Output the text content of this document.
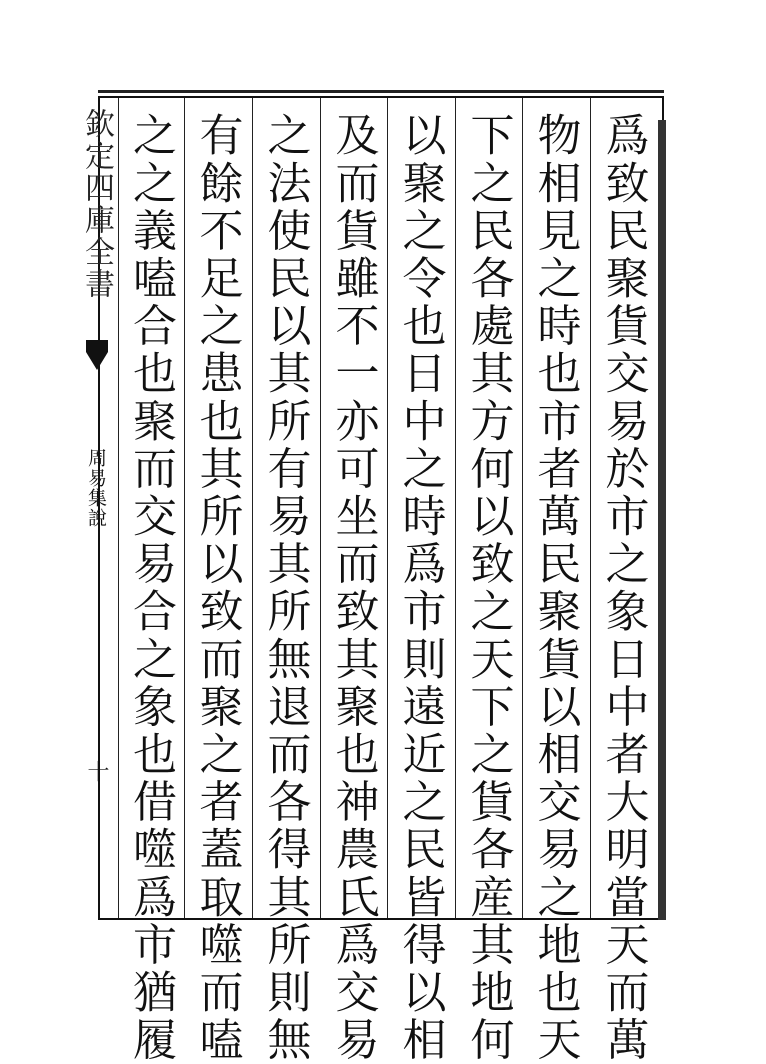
爲致民聚貨交易於市之象日中者大明當天而萬
物相見之時也市者萬民聚貨以相交易之地也天
下之民各處其方何以致之天下之貨各産其地何
以聚之令也日中之時爲市則遠近之民皆得以相
及而貨雖不一亦可坐而致其聚也神農氏爲交易
之法使民以其所有易其所無退而各得其所則無
有餘不足之患也其所以致而聚之者蓋取噬而嗑
之之義嗑合也聚而交易合之象也借噬爲市猶履
欽定四庫全書
周易集說
十
